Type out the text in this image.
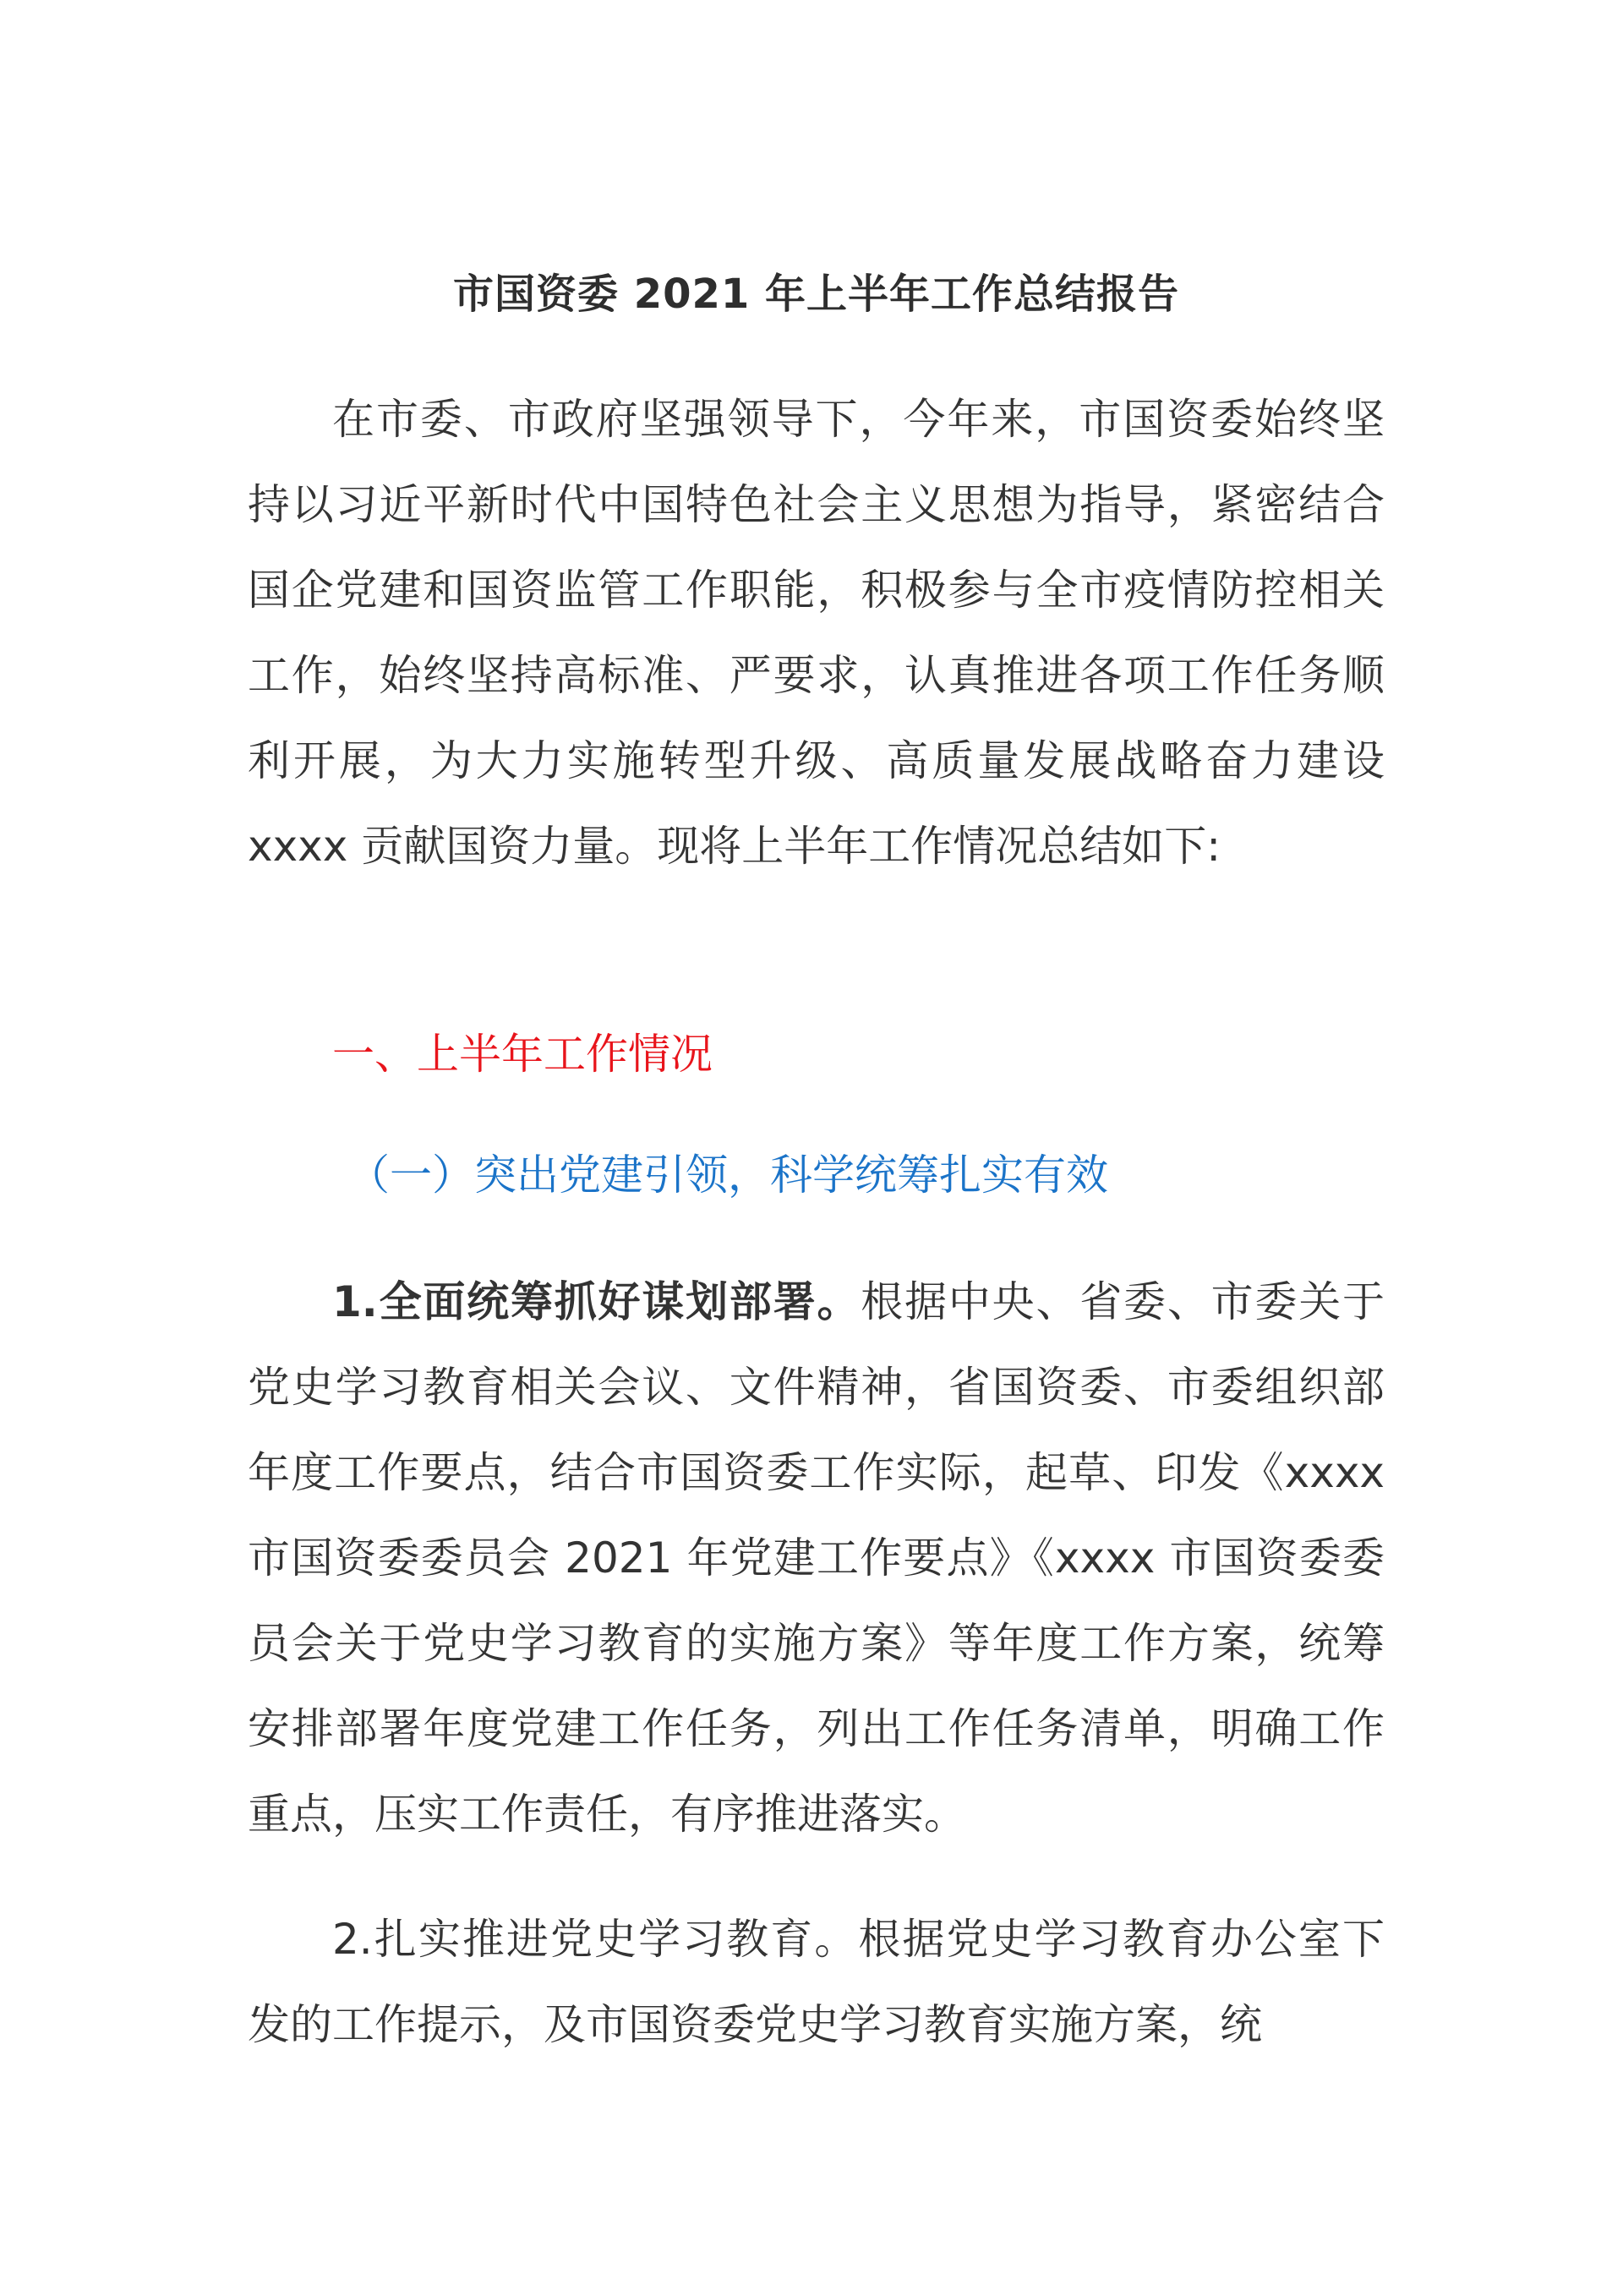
市国资委 2021 年上半年工作总结报告

在市委、市政府坚强领导下，今年来，市国资委始终坚持以习近平新时代中国特色社会主义思想为指导，紧密结合国企党建和国资监管工作职能，积极参与全市疫情防控相关工作，始终坚持高标准、严要求，认真推进各项工作任务顺利开展，为大力实施转型升级、高质量发展战略奋力建设 xxxx 贡献国资力量。现将上半年工作情况总结如下:

一、上半年工作情况
（一）突出党建引领，科学统筹扎实有效

1.全面统筹抓好谋划部署。根据中央、省委、市委关于党史学习教育相关会议、文件精神，省国资委、市委组织部年度工作要点，结合市国资委工作实际，起草、印发《xxxx 市国资委委员会 2021 年党建工作要点》《xxxx 市国资委委员会关于党史学习教育的实施方案》等年度工作方案，统筹安排部署年度党建工作任务，列出工作任务清单，明确工作重点，压实工作责任，有序推进落实。

2.扎实推进党史学习教育。根据党史学习教育办公室下发的工作提示，及市国资委党史学习教育实施方案，统
